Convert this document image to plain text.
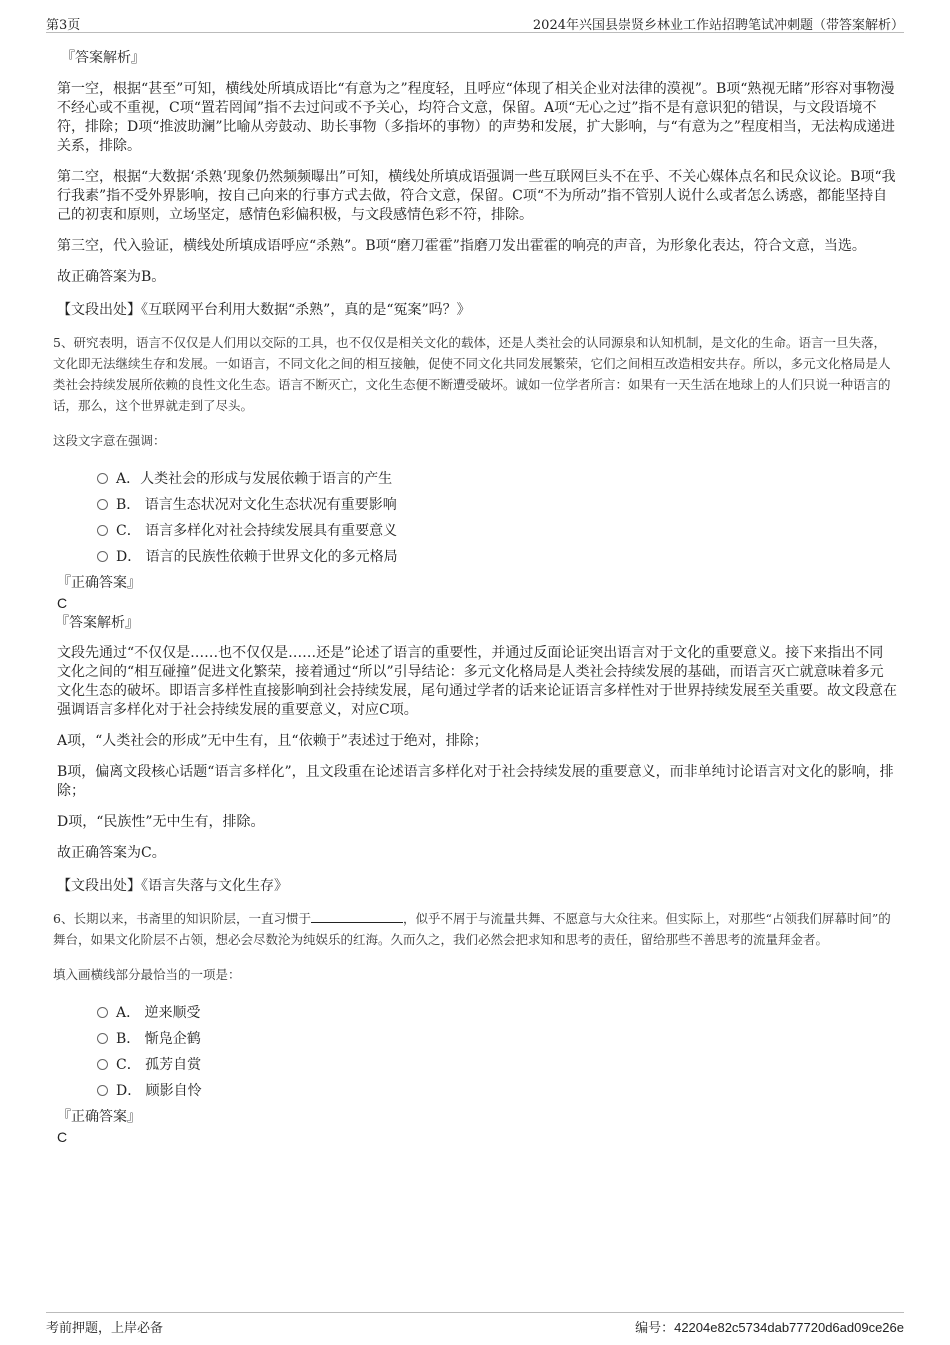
第3页	2024年兴国县崇贤乡林业工作站招聘笔试冲刺题（带答案解析）
『答案解析』

第一空，根据“甚至”可知，横线处所填成语比“有意为之”程度轻，且呼应“体现了相关企业对法律的漠视”。B项“熟视无睹”形容对事物漫不经心或不重视，C项“置若罔闻”指不去过问或不予关心，均符合文意，保留。A项“无心之过”指不是有意识犯的错误，与文段语境不符，排除；D项“推波助澜”比喻从旁鼓动、助长事物（多指坏的事物）的声势和发展，扩大影响，与“有意为之”程度相当，无法构成递进关系，排除。

第二空，根据“大数据‘杀熟’现象仍然频频曝出”可知，横线处所填成语强调一些互联网巨头不在乎、不关心媒体点名和民众议论。B项“我行我素”指不受外界影响，按自己向来的行事方式去做，符合文意，保留。C项“不为所动”指不管别人说什么或者怎么诱惑，都能坚持自己的初衷和原则，立场坚定，感情色彩偏积极，与文段感情色彩不符，排除。

第三空，代入验证，横线处所填成语呼应“杀熟”。B项“磨刀霍霍”指磨刀发出霍霍的响亮的声音，为形象化表达，符合文意，当选。

故正确答案为B。

【文段出处】《互联网平台利用大数据“杀熟”，真的是“冤案”吗？》

5、研究表明，语言不仅仅是人们用以交际的工具，也不仅仅是相关文化的载体，还是人类社会的认同源泉和认知机制，是文化的生命。语言一旦失落，文化即无法继续生存和发展。一如语言，不同文化之间的相互接触，促使不同文化共同发展繁荣，它们之间相互改造相安共存。所以，多元文化格局是人类社会持续发展所依赖的良性文化生态。语言不断灭亡，文化生态便不断遭受破坏。诚如一位学者所言：如果有一天生活在地球上的人们只说一种语言的话，那么，这个世界就走到了尽头。

这段文字意在强调：

A．人类社会的形成与发展依赖于语言的产生
B． 语言生态状况对文化生态状况有重要影响
C． 语言多样化对社会持续发展具有重要意义
D． 语言的民族性依赖于世界文化的多元格局
『正确答案』
C
『答案解析』

文段先通过“不仅仅是……也不仅仅是……还是”论述了语言的重要性，并通过反面论证突出语言对于文化的重要意义。接下来指出不同文化之间的“相互碰撞”促进文化繁荣，接着通过“所以”引导结论：多元文化格局是人类社会持续发展的基础，而语言灭亡就意味着多元文化生态的破坏。即语言多样性直接影响到社会持续发展，尾句通过学者的话来论证语言多样性对于世界持续发展至关重要。故文段意在强调语言多样化对于社会持续发展的重要意义，对应C项。

A项，“人类社会的形成”无中生有，且“依赖于”表述过于绝对，排除；

B项，偏离文段核心话题“语言多样化”，且文段重在论述语言多样化对于社会持续发展的重要意义，而非单纯讨论语言对文化的影响，排除；

D项，“民族性”无中生有，排除。

故正确答案为C。

【文段出处】《语言失落与文化生存》

6、长期以来，书斋里的知识阶层，一直习惯于	，似乎不屑于与流量共舞、不愿意与大众往来。但实际上，对那些“占领我们屏幕时间”的舞台，如果文化阶层不占领，想必会尽数沦为纯娱乐的红海。久而久之，我们必然会把求知和思考的责任，留给那些不善思考的流量拜金者。

填入画横线部分最恰当的一项是：

A． 逆来顺受
B． 惭凫企鹤
C． 孤芳自赏
D． 顾影自怜
『正确答案』
C
考前押题，上岸必备	编号：42204e82c5734dab77720d6ad09ce26e
